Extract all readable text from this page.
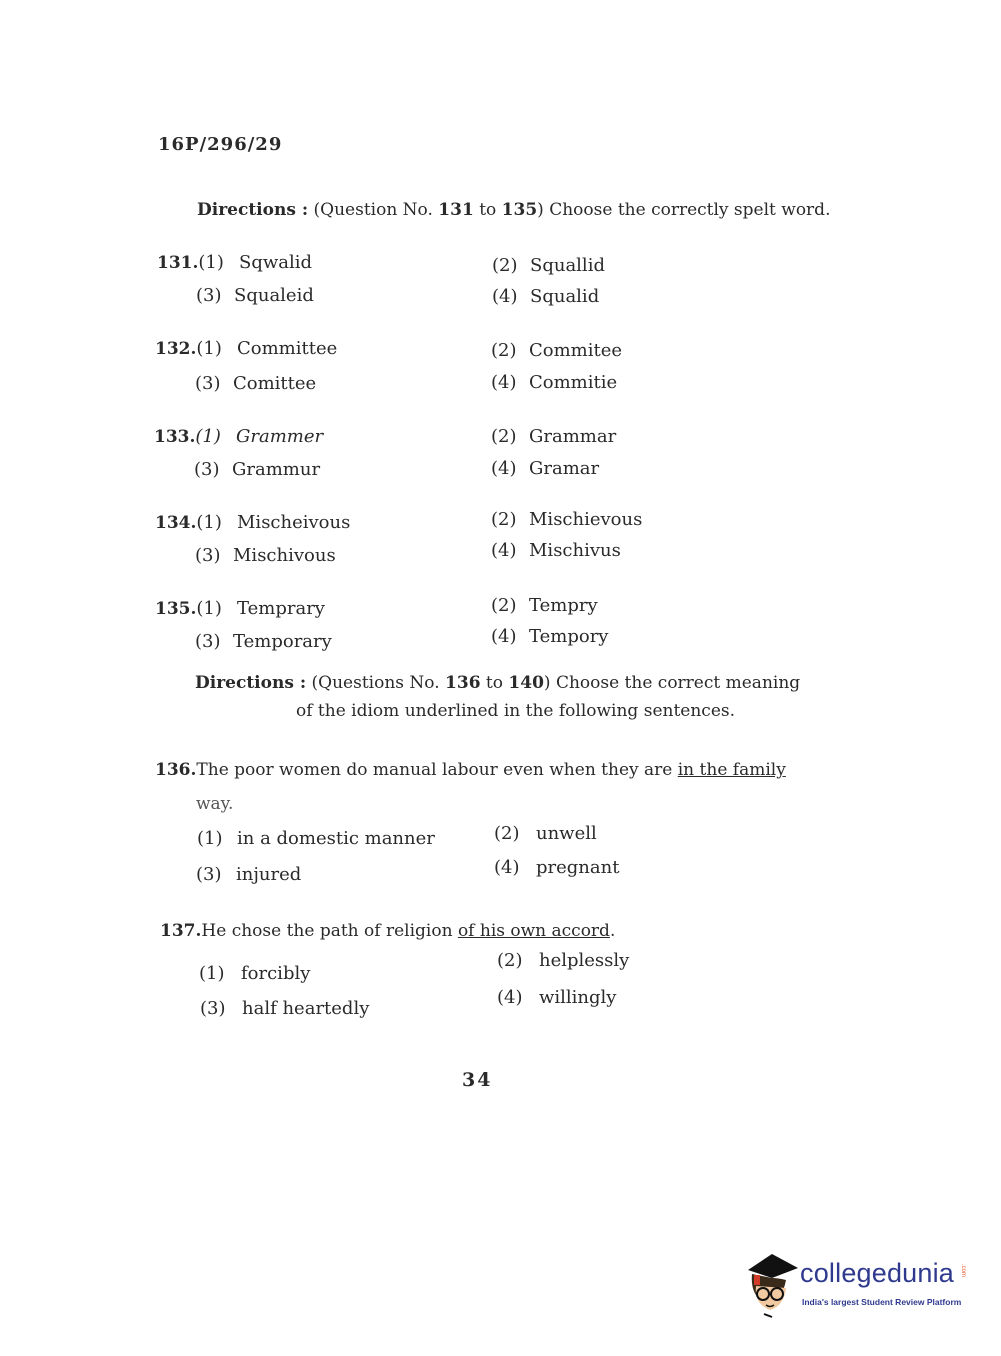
16P/296/29
Directions : (Question No. 131 to 135) Choose the correctly spelt word.
131.(1) Sqwalid	(2) Squallid
(3) Squaleid	(4) Squalid
132.(1) Committee	(2) Commitee
(3) Comittee	(4) Commitie
133.(1) Grammer	(2) Grammar
(3) Grammur	(4) Gramar
134.(1) Mischeivous	(2) Mischievous
(3) Mischivous	(4) Mischivus
135.(1) Temprary	(2) Tempry
(3) Temporary	(4) Tempory
Directions : (Questions No. 136 to 140) Choose the correct meaning
of the idiom underlined in the following sentences.
136.The poor women do manual labour even when they are in the family
way.
(1) in a domestic manner	(2) unwell
(3) injured	(4) pregnant
137.He chose the path of religion of his own accord.
(1) forcibly
(2) helplessly
(3) half heartedly
(4) willingly
34
collegedunia .com
India's largest Student Review Platform
